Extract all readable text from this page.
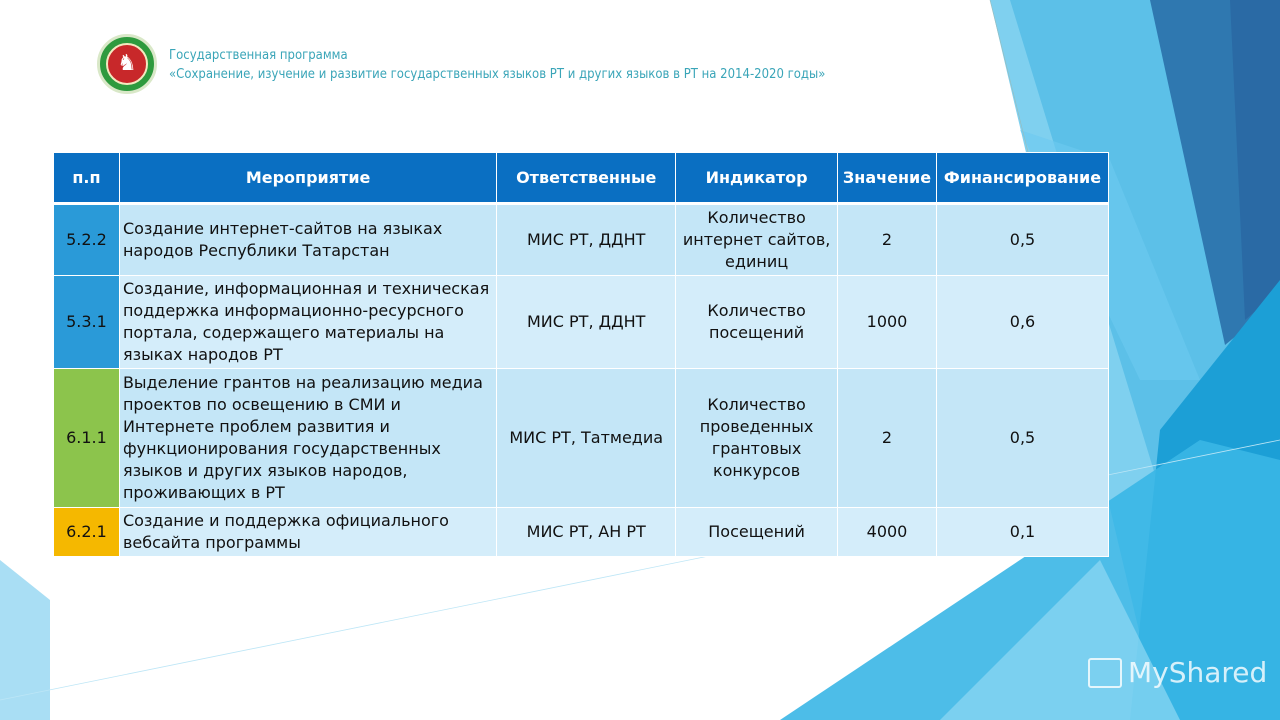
♞	Государственная программа
«Сохранение, изучение и развитие государственных языков РТ и других языков в РТ на 2014-2020 годы»
п.п	Мероприятие	Ответственные	Индикатор	Значение	Финансирование
5.2.2	Создание интернет-сайтов на языках народов Республики Татарстан	МИС РТ, ДДНТ	Количество интернет сайтов, единиц	2	0,5
5.3.1	Создание, информационная и техническая поддержка информационно-ресурсного портала, содержащего материалы на языках народов РТ	МИС РТ, ДДНТ	Количество посещений	1000	0,6
6.1.1	Выделение грантов на реализацию медиа проектов по освещению в СМИ и Интернете проблем развития и функционирования государственных языков и других языков народов, проживающих в РТ	МИС РТ, Татмедиа	Количество проведенных грантовых конкурсов	2	0,5
6.2.1	Создание и поддержка официального вебсайта программы	МИС РТ, АН РТ	Посещений	4000	0,1
MyShared
